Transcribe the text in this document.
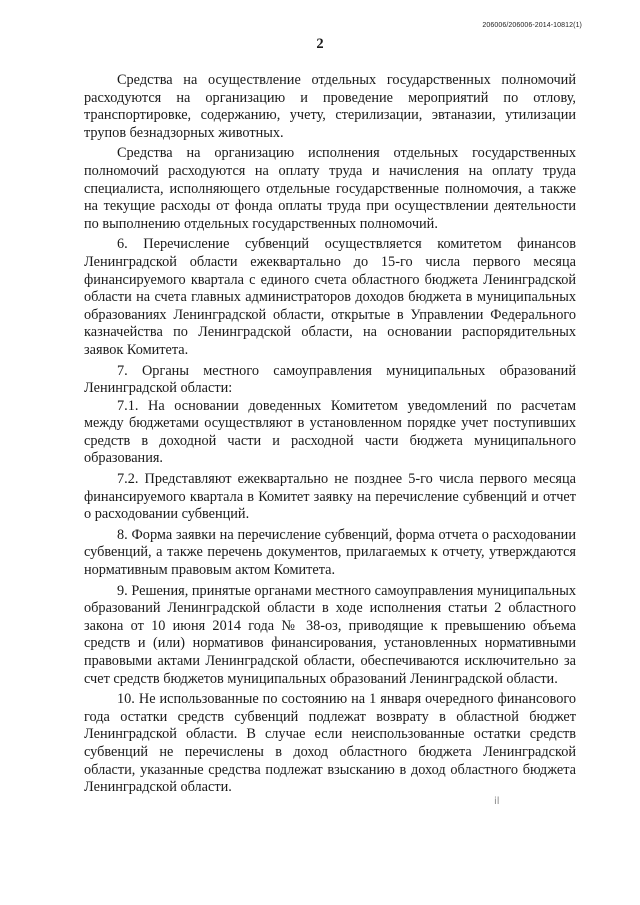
206006/206006-2014-10812(1)
2

Средства на осуществление отдельных государственных полномочий расходуются на организацию и проведение мероприятий по отлову, транспортировке, содержанию, учету, стерилизации, эвтаназии, утилизации трупов безнадзорных животных.

Средства на организацию исполнения отдельных государственных полномочий расходуются на оплату труда и начисления на оплату труда специалиста, исполняющего отдельные государственные полномочия, а также на текущие расходы от фонда оплаты труда при осуществлении деятельности по выполнению отдельных государственных полномочий.

6. Перечисление субвенций осуществляется комитетом финансов Ленинградской области ежеквартально до 15-го числа первого месяца финансируемого квартала с единого счета областного бюджета Ленинградской области на счета главных администраторов доходов бюджета в муниципальных образованиях Ленинградской области, открытые в Управлении Федерального казначейства по Ленинградской области, на основании распорядительных заявок Комитета.

7. Органы местного самоуправления муниципальных образований Ленинградской области:

7.1. На основании доведенных Комитетом уведомлений по расчетам между бюджетами осуществляют в установленном порядке учет поступивших средств в доходной части и расходной части бюджета муниципального образования.

7.2. Представляют ежеквартально не позднее 5-го числа первого месяца финансируемого квартала в Комитет заявку на перечисление субвенций и отчет о расходовании субвенций.

8. Форма заявки на перечисление субвенций, форма отчета о расходовании субвенций, а также перечень документов, прилагаемых к отчету, утверждаются нормативным правовым актом Комитета.

9. Решения, принятые органами местного самоуправления муниципальных образований Ленинградской области в ходе исполнения статьи 2 областного закона от 10 июня 2014 года № 38-оз, приводящие к превышению объема средств и (или) нормативов финансирования, установленных нормативными правовыми актами Ленинградской области, обеспечиваются исключительно за счет средств бюджетов муниципальных образований Ленинградской области.

10. Не использованные по состоянию на 1 января очередного финансового года остатки средств субвенций подлежат возврату в областной бюджет Ленинградской области. В случае если неиспользованные остатки средств субвенций не перечислены в доход областного бюджета Ленинградской области, указанные средства подлежат взысканию в доход областного бюджета Ленинградской области.

il
